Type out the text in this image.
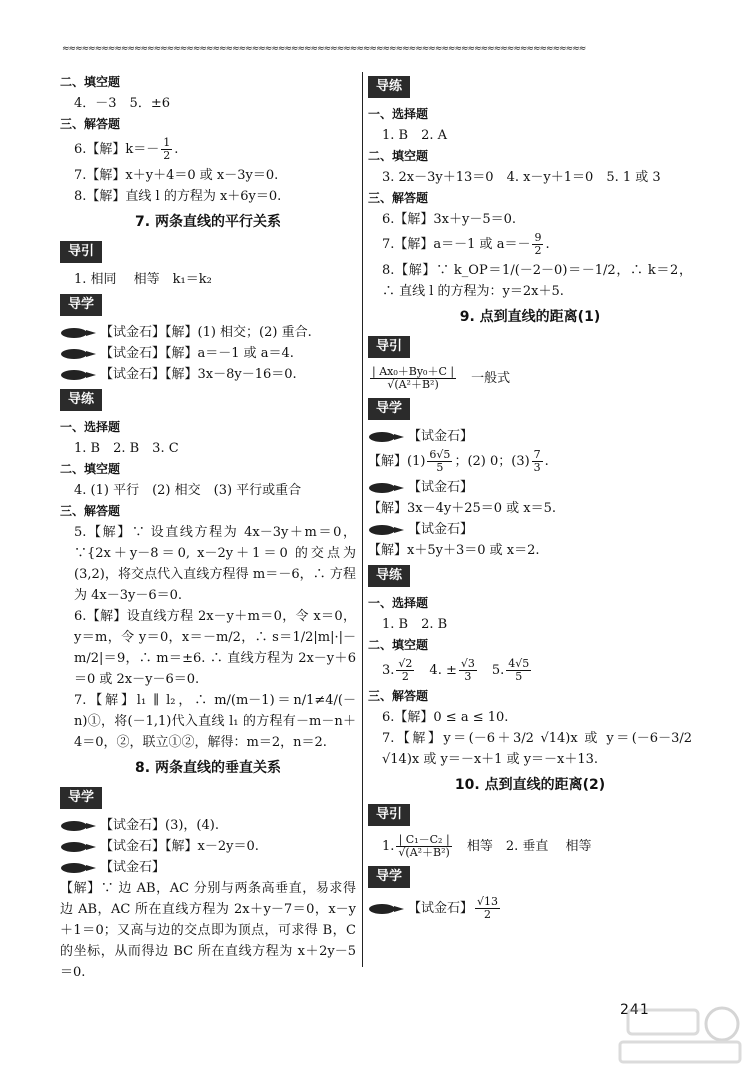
≈≈≈≈≈≈≈≈≈≈≈≈≈≈≈≈≈≈≈≈≈≈≈≈≈≈≈≈≈≈≈≈≈≈≈≈≈≈≈≈≈≈≈≈≈≈≈≈≈≈≈≈≈≈≈≈≈≈≈≈≈≈≈≈≈≈≈≈≈≈≈≈≈≈≈≈≈≈≈≈
二、填空题
4．－3　5．±6
三、解答题
6.【解】$k=- \frac{1}{2}$ .
7.【解】x＋y＋4＝0 或 x－3y＝0.
8.【解】直线 l 的方程为 x＋6y＝0.
7. 两条直线的平行关系
导引
1. 相同　 相等　k₁＝k₂
导学
【试金石】【解】(1) 相交；(2) 重合.
【试金石】【解】a＝－1 或 a＝4.
【试金石】【解】3x－8y－16＝0.
导练
一、选择题
1. B　2. B　3. C
二、填空题
4. (1) 平行　(2) 相交　(3) 平行或重合
三、解答题
5.【解】∵ 设直线方程为 4x－3y＋m＝0，∵{2x＋y－8＝0, x－2y＋1＝0 的交点为(3,2)，将交点代入直线方程得 m＝－6，∴ 方程为 4x－3y－6＝0.
6.【解】设直线方程 2x－y＋m＝0，令 x＝0，y＝m，令 y＝0，x＝－m/2，∴ s＝1/2|m|·|－m/2|＝9，∴ m＝±6. ∴ 直线方程为 2x－y＋6＝0 或 2x－y－6＝0.
7.【解】l₁ ∥ l₂，∴ m/(m－1)＝n/1≠4/(－n)①，将(－1,1)代入直线 l₁ 的方程有－m－n＋4＝0，②，联立①②，解得：m＝2，n＝2.
8. 两条直线的垂直关系
导学
【试金石】(3)，(4).
【试金石】【解】x－2y＝0.
【试金石】
【解】∵ 边 AB，AC 分别与两条高垂直，易求得边 AB，AC 所在直线方程为 2x＋y－7＝0，x－y＋1＝0；又高与边的交点即为顶点，可求得 B，C 的坐标，从而得边 BC 所在直线方程为 x＋2y－5＝0.
导练
一、选择题
1. B　2. A
二、填空题
3. 2x－3y＋13＝0　4. x－y＋1＝0　5. 1 或 3
三、解答题
6.【解】3x＋y－5＝0.
7.【解】a＝－1 或 $a=- \frac{9}{2}$ .
8.【解】∵ k_OP＝1/(－2－0)＝－1/2，∴ k＝2，∴ 直线 l 的方程为：y＝2x＋5.
9. 点到直线的距离(1)
导引
$\frac{\text{| Ax₀＋By₀＋C |}}{\text{√(A²＋B²)}}$ 　一般式
导学
【试金石】
【解】$(1) \frac{6√5}{5}$ ；(2) 0；$(3) \frac{7}{3}$ .
【试金石】
【解】3x－4y＋25＝0 或 x＝5.
【试金石】
【解】x＋5y＋3＝0 或 x＝2.
导练
一、选择题
1. B　2. B
二、填空题
3. $\frac{√2}{2}$ 　4. ± $\frac{√3}{3}$ 　5. $\frac{4√5}{5}$
三、解答题
6.【解】0 ≤ a ≤ 10.
7.【解】y＝(－6＋3/2 √14)x 或 y＝(－6－3/2 √14)x 或 y＝－x＋1 或 y＝－x＋13.
10. 点到直线的距离(2)
导引
1. $\frac{\text{| C₁－C₂ |}}{\text{√(A²＋B²)}}$ 　相等　2. 垂直　 相等
导学
【试金石】 $\frac{√13}{2}$
241
